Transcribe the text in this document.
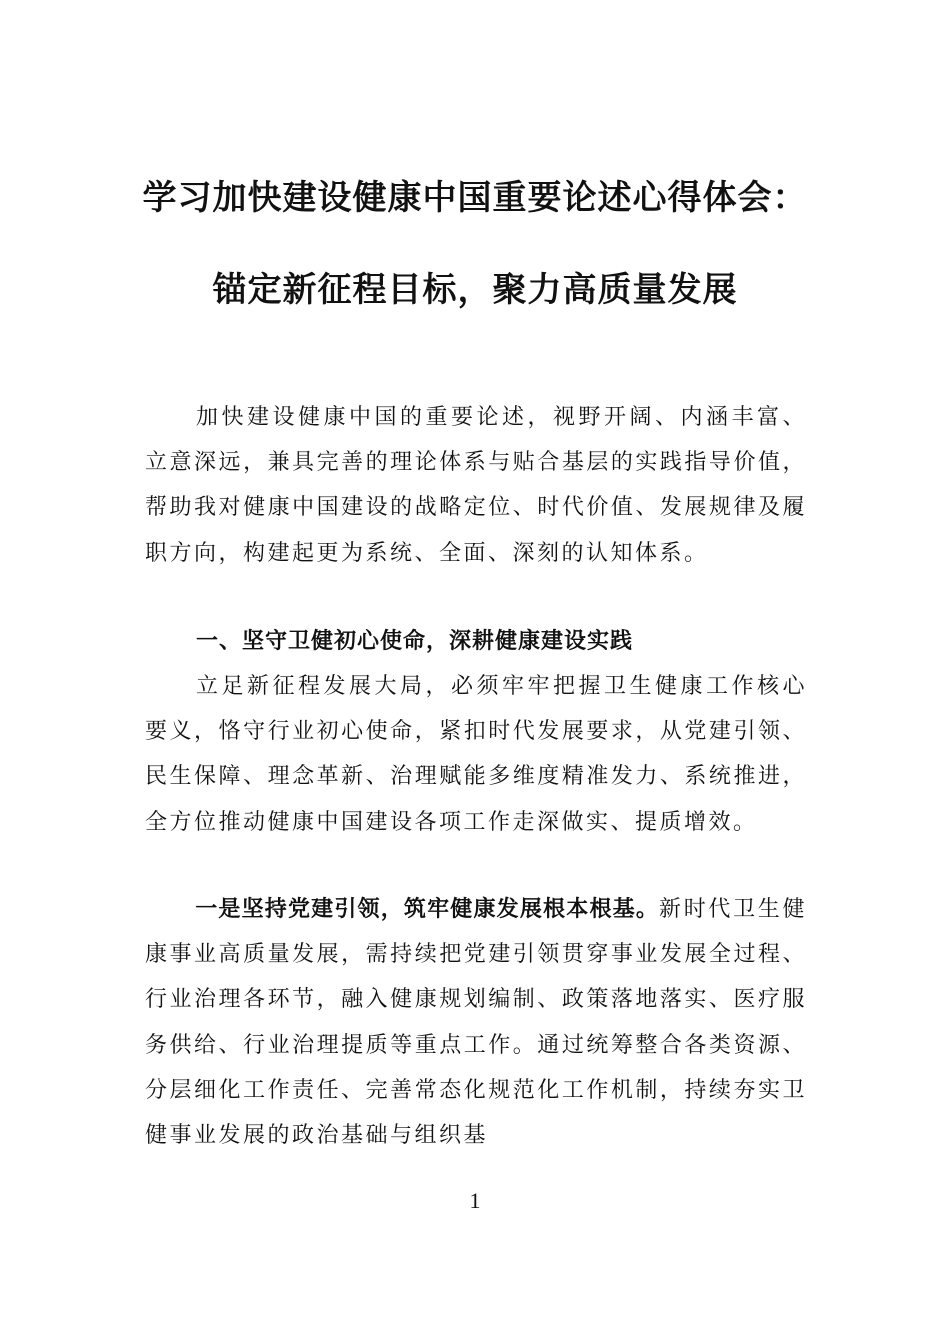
学习加快建设健康中国重要论述心得体会：
锚定新征程目标，聚力高质量发展
加快建设健康中国的重要论述，视野开阔、内涵丰富、立意深远，兼具完善的理论体系与贴合基层的实践指导价值，帮助我对健康中国建设的战略定位、时代价值、发展规律及履职方向，构建起更为系统、全面、深刻的认知体系。
一、坚守卫健初心使命，深耕健康建设实践
立足新征程发展大局，必须牢牢把握卫生健康工作核心要义，恪守行业初心使命，紧扣时代发展要求，从党建引领、民生保障、理念革新、治理赋能多维度精准发力、系统推进，全方位推动健康中国建设各项工作走深做实、提质增效。
一是坚持党建引领，筑牢健康发展根本根基。新时代卫生健康事业高质量发展，需持续把党建引领贯穿事业发展全过程、行业治理各环节，融入健康规划编制、政策落地落实、医疗服务供给、行业治理提质等重点工作。通过统筹整合各类资源、分层细化工作责任、完善常态化规范化工作机制，持续夯实卫健事业发展的政治基础与组织基
1
